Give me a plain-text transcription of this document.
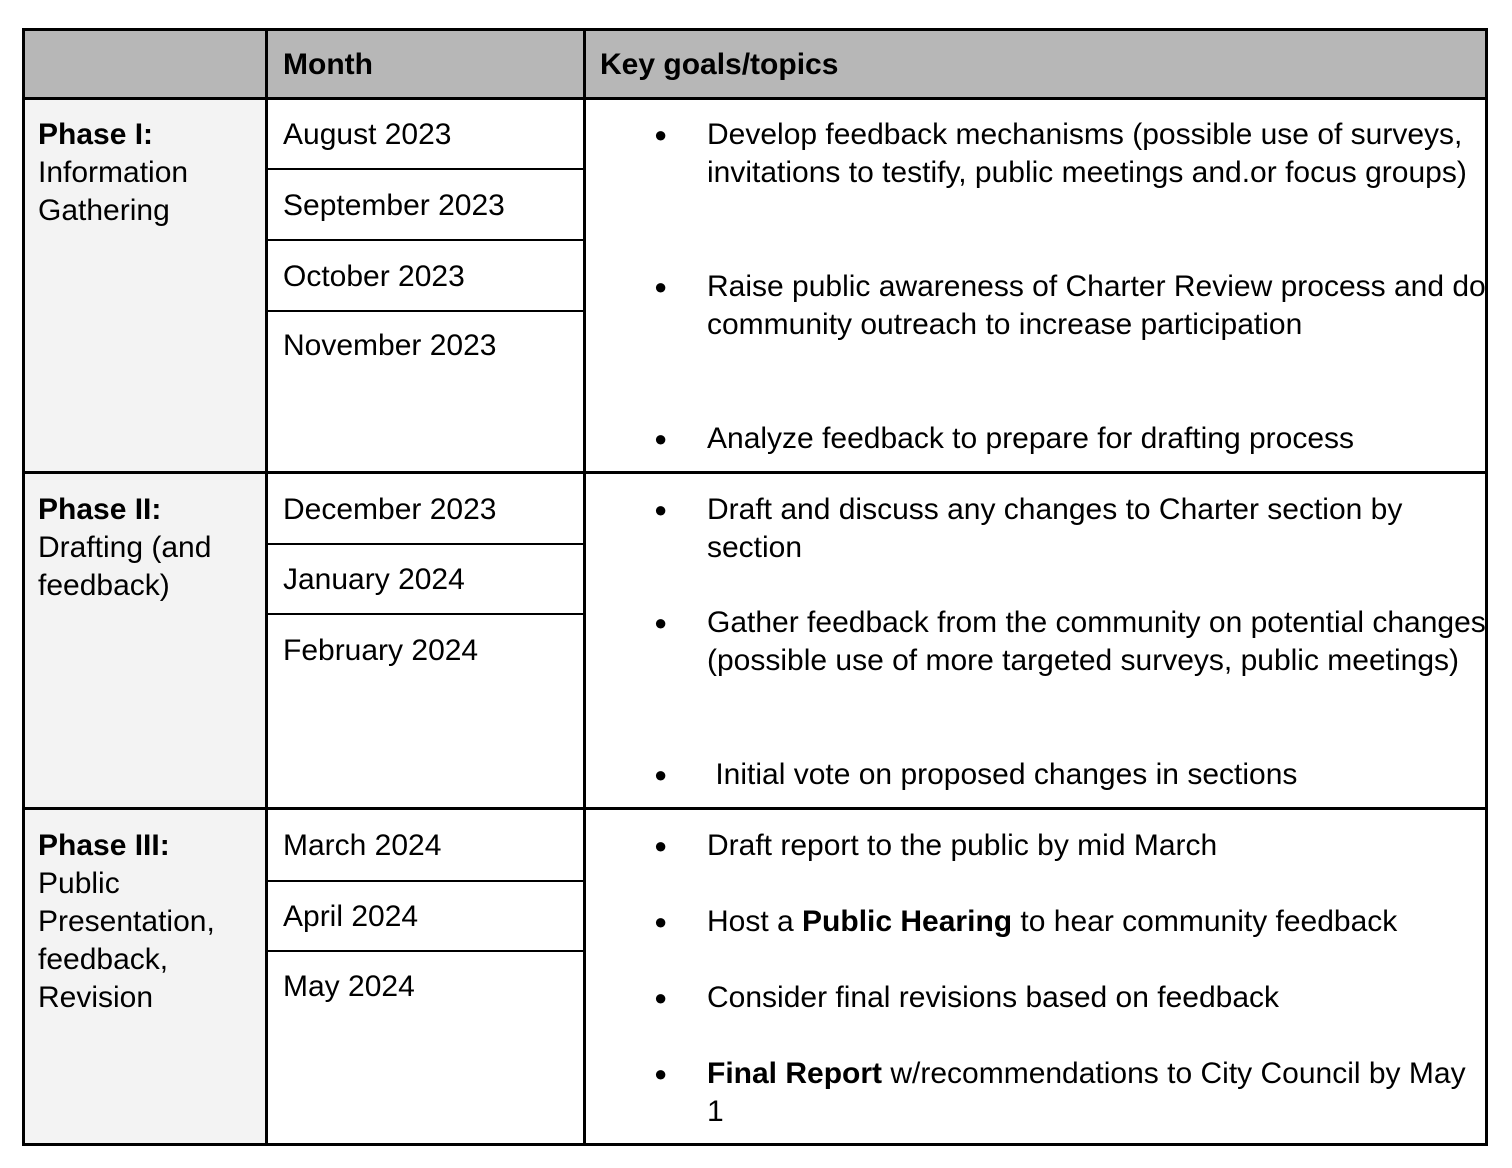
Month	Key goals/topics
Phase I:
Information Gathering
August 2023
September 2023
October 2023
November 2023
● Develop feedback mechanisms (possible use of surveys, invitations to testify, public meetings and.or focus groups)
● Raise public awareness of Charter Review process and do community outreach to increase participation
● Analyze feedback to prepare for drafting process
Phase II:
Drafting (and feedback)
December 2023
January 2024
February 2024
● Draft and discuss any changes to Charter section by section
● Gather feedback from the community on potential changes (possible use of more targeted surveys, public meetings)
● Initial vote on proposed changes in sections
Phase III:
Public Presentation, feedback, Revision
March 2024
April 2024
May 2024
● Draft report to the public by mid March
● Host a Public Hearing to hear community feedback
● Consider final revisions based on feedback
● Final Report w/recommendations to City Council by May 1
